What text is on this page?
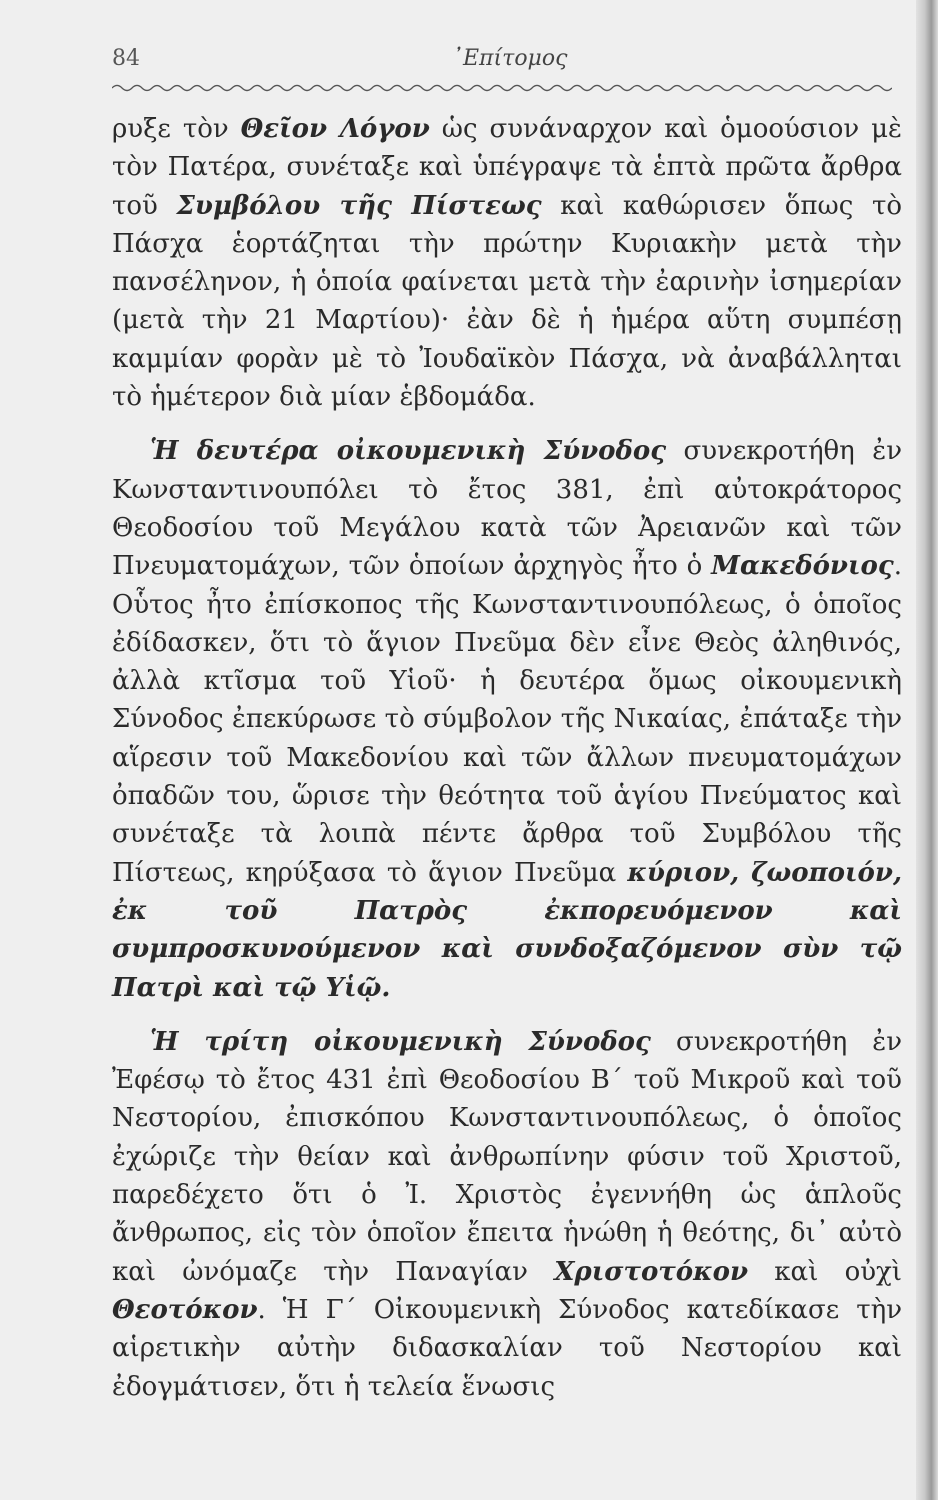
84	᾿Επίτομος

ρυξε τὸν Θεῖον Λόγον ὡς συνάναρχον καὶ ὁμοούσιον μὲ τὸν Πατέρα, συνέταξε καὶ ὑπέγραψε τὰ ἑπτὰ πρῶτα ἄρθρα τοῦ Συμβόλου τῆς Πίστεως καὶ καθώρισεν ὅπως τὸ Πάσχα ἑορτάζηται τὴν πρώτην Κυριακὴν μετὰ τὴν πανσέληνον, ἡ ὁποία φαίνεται μετὰ τὴν ἐαρινὴν ἰσημερίαν (μετὰ τὴν 21 Μαρτίου)· ἐὰν δὲ ἡ ἡμέρα αὕτη συμπέσῃ καμμίαν φορὰν μὲ τὸ Ἰουδαϊκὸν Πάσχα, νὰ ἀναβάλληται τὸ ἡμέτερον διὰ μίαν ἑβδομάδα.

Ἡ δευτέρα οἰκουμενικὴ Σύνοδος συνεκροτήθη ἐν Κωνσταντινουπόλει τὸ ἔτος 381, ἐπὶ αὐτοκράτορος Θεοδοσίου τοῦ Μεγάλου κατὰ τῶν Ἀρειανῶν καὶ τῶν Πνευματομάχων, τῶν ὁποίων ἀρχηγὸς ἦτο ὁ Μακεδόνιος. Οὗτος ἦτο ἐπίσκοπος τῆς Κωνσταντινουπόλεως, ὁ ὁποῖος ἐδίδασκεν, ὅτι τὸ ἅγιον Πνεῦμα δὲν εἶνε Θεὸς ἀληθινός, ἀλλὰ κτῖσμα τοῦ Υἱοῦ· ἡ δευτέρα ὅμως οἰκουμενικὴ Σύνοδος ἐπεκύρωσε τὸ σύμβολον τῆς Νικαίας, ἐπάταξε τὴν αἵρεσιν τοῦ Μακεδονίου καὶ τῶν ἄλλων πνευματομάχων ὀπαδῶν του, ὥρισε τὴν θεότητα τοῦ ἁγίου Πνεύματος καὶ συνέταξε τὰ λοιπὰ πέντε ἄρθρα τοῦ Συμβόλου τῆς Πίστεως, κηρύξασα τὸ ἅγιον Πνεῦμα κύριον, ζωοποιόν, ἐκ τοῦ Πατρὸς ἐκπορευόμενον καὶ συμπροσκυνούμενον καὶ συνδοξαζόμενον σὺν τῷ Πατρὶ καὶ τῷ Υἱῷ.

Ἡ τρίτη οἰκουμενικὴ Σύνοδος συνεκροτήθη ἐν Ἐφέσῳ τὸ ἔτος 431 ἐπὶ Θεοδοσίου Β΄ τοῦ Μικροῦ καὶ τοῦ Νεστορίου, ἐπισκόπου Κωνσταντινουπόλεως, ὁ ὁποῖος ἐχώριζε τὴν θείαν καὶ ἀνθρωπίνην φύσιν τοῦ Χριστοῦ, παρεδέχετο ὅτι ὁ Ἰ. Χριστὸς ἐγεννήθη ὡς ἁπλοῦς ἄνθρωπος, εἰς τὸν ὁποῖον ἔπειτα ἡνώθη ἡ θεότης, δι᾿ αὐτὸ καὶ ὠνόμαζε τὴν Παναγίαν Χριστοτόκον καὶ οὐχὶ Θεοτόκον. Ἡ Γ΄ Οἰκουμενικὴ Σύνοδος κατεδίκασε τὴν αἱρετικὴν αὐτὴν διδασκαλίαν τοῦ Νεστορίου καὶ ἐδογμάτισεν, ὅτι ἡ τελεία ἕνωσις
